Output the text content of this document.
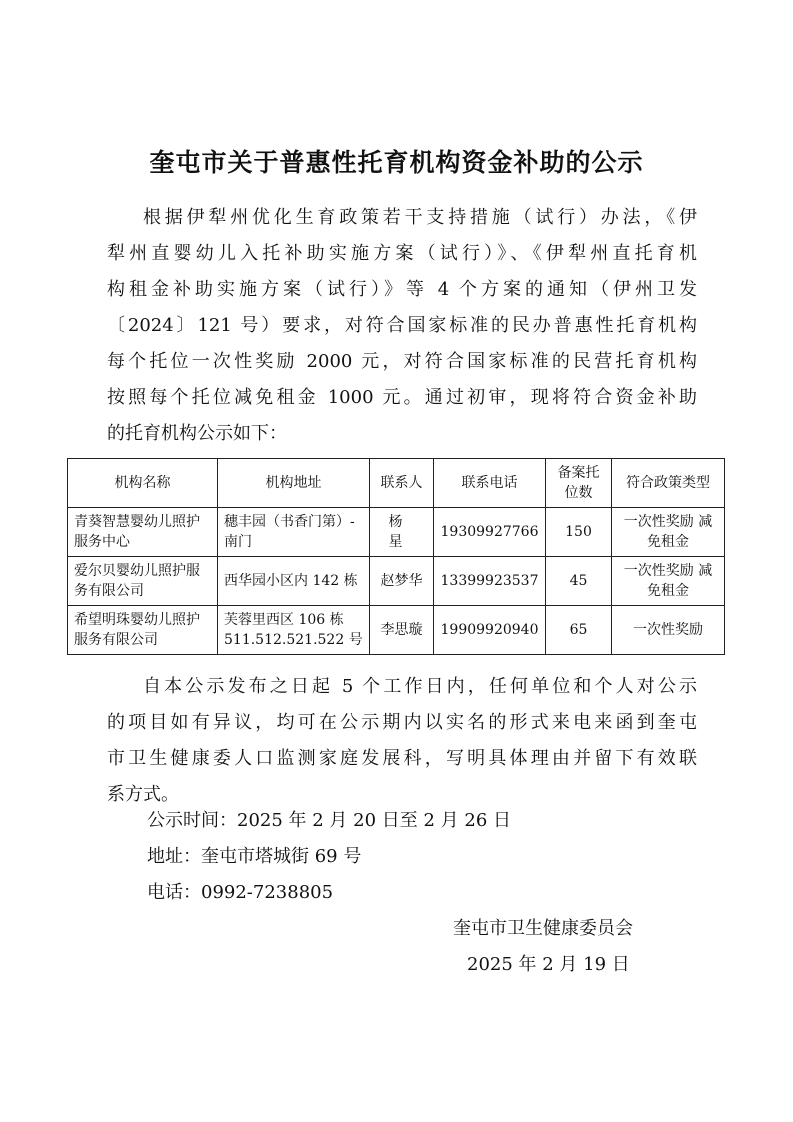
奎屯市关于普惠性托育机构资金补助的公示
根据伊犁州优化生育政策若干支持措施（试行）办法，《伊
犁州直婴幼儿入托补助实施方案（试行）》、《伊犁州直托育机
构租金补助实施方案（试行）》等 4 个方案的通知（伊州卫发
〔2024〕121 号）要求，对符合国家标准的民办普惠性托育机构
每个托位一次性奖励 2000 元，对符合国家标准的民营托育机构
按照每个托位减免租金 1000 元。通过初审，现将符合资金补助
的托育机构公示如下：
机构名称	机构地址	联系人	联系电话	备案托位数	符合政策类型
青葵智慧婴幼儿照护服务中心	穗丰园（书香门第）-南门	杨星	19309927766	150	一次性奖励 减免租金
爱尔贝婴幼儿照护服务有限公司	西华园小区内 142 栋	赵梦华	13399923537	45	一次性奖励 减免租金
希望明珠婴幼儿照护服务有限公司	芙蓉里西区 106 栋 511.512.521.522 号	李思璇	19909920940	65	一次性奖励
自本公示发布之日起 5 个工作日内，任何单位和个人对公示
的项目如有异议，均可在公示期内以实名的形式来电来函到奎屯
市卫生健康委人口监测家庭发展科，写明具体理由并留下有效联
系方式。
公示时间：2025 年 2 月 20 日至 2 月 26 日
地址：奎屯市塔城街 69 号
电话：0992-7238805
奎屯市卫生健康委员会
2025 年 2 月 19 日
